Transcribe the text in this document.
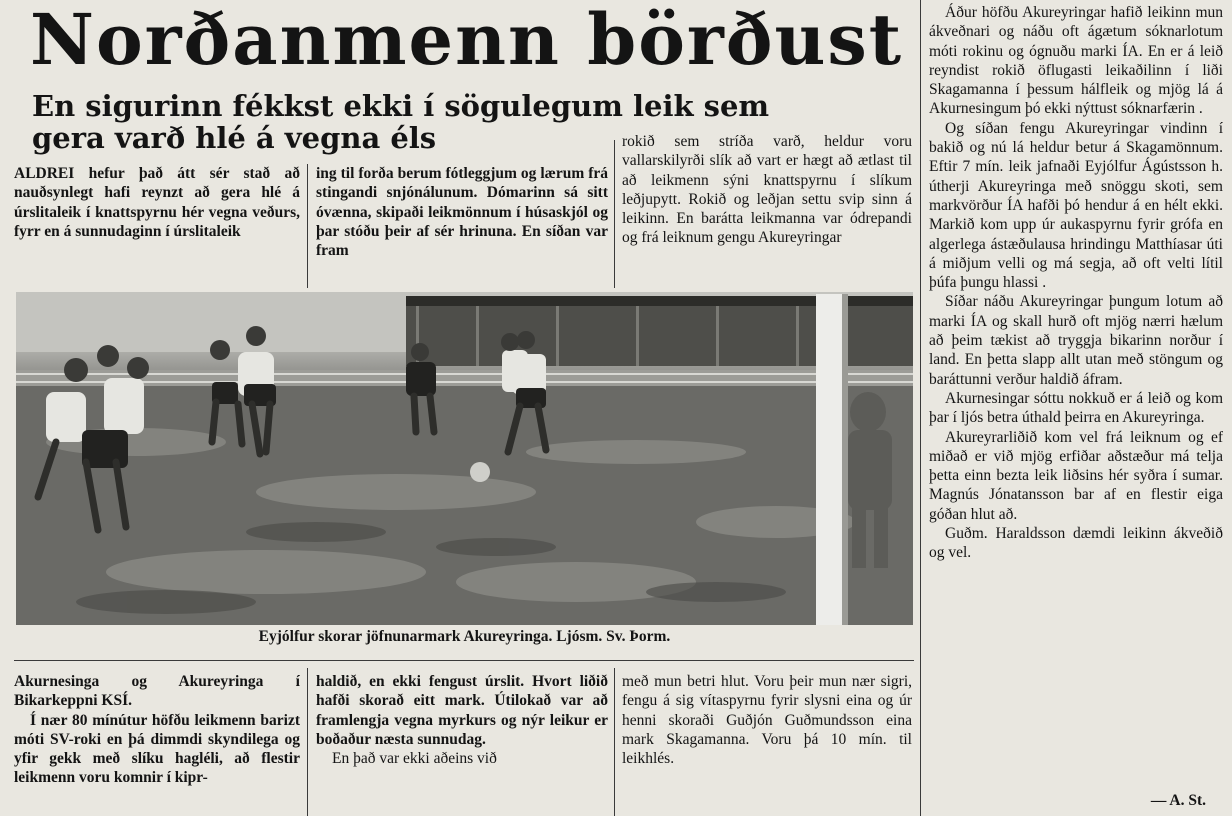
Norðanmenn börðust
En sigurinn fékkst ekki í sögulegum leik sem
gera varð hlé á vegna éls

ALDREI hefur það átt sér stað að nauðsynlegt hafi reynzt að gera hlé á úrslitaleik í knattspyrnu hér vegna veðurs, fyrr en á sunnudaginn í úrslitaleik

ing til forða berum fótleggjum og lærum frá stingandi snjónálunum. Dómarinn sá sitt óvænna, skipaði leikmönnum í húsaskjól og þar stóðu þeir af sér hrinuna. En síðan var fram

rokið sem stríða varð, heldur voru vallarskilyrði slík að vart er hægt að ætlast til að leikmenn sýni knattspyrnu í slíkum leðjupytt. Rokið og leðjan settu svip sinn á leikinn. En barátta leikmanna var ódrepandi og frá leiknum gengu Akureyringar

Eyjólfur skorar jöfnunarmark Akureyringa. Ljósm. Sv. Þorm.

Áður höfðu Akureyringar hafið leikinn mun ákveðnari og náðu oft ágætum sóknarlotum móti rokinu og ógnuðu marki ÍA. En er á leið reyndist rokið öflugasti leikaðilinn í liði Skagamanna í þessum hálfleik og mjög lá á Akurnesingum þó ekki nýttust sóknarfærin .

Og síðan fengu Akureyringar vindinn í bakið og nú lá heldur betur á Skagamönnum. Eftir 7 mín. leik jafnaði Eyjólfur Ágústsson h. útherji Akureyringa með snöggu skoti, sem markvörður ÍA hafði þó hendur á en hélt ekki. Markið kom upp úr aukaspyrnu fyrir grófa en algerlega ástæðulausa hrindingu Matthíasar úti á miðjum velli og má segja, að oft velti lítil þúfa þungu hlassi .

Síðar náðu Akureyringar þungum lotum að marki ÍA og skall hurð oft mjög nærri hælum að þeim tækist að tryggja bikarinn norður í land. En þetta slapp allt utan með stöngum og baráttunni verður haldið áfram.

Akurnesingar sóttu nokkuð er á leið og kom þar í ljós betra úthald þeirra en Akureyringa.

Akureyrarliðið kom vel frá leiknum og ef miðað er við mjög erfiðar aðstæður má telja þetta einn bezta leik liðsins hér syðra í sumar. Magnús Jónatansson bar af en flestir eiga góðan hlut að.

Guðm. Haraldsson dæmdi leikinn ákveðið og vel.

— A. St.

Akurnesinga og Akureyringa í Bikarkeppni KSÍ.

Í nær 80 mínútur höfðu leikmenn barizt móti SV-roki en þá dimmdi skyndilega og yfir gekk með slíku hagléli, að flestir leikmenn voru komnir í kipr-

haldið, en ekki fengust úrslit. Hvort liðið hafði skorað eitt mark. Útilokað var að framlengja vegna myrkurs og nýr leikur er boðaður næsta sunnudag.

En það var ekki aðeins við

með mun betri hlut. Voru þeir mun nær sigri, fengu á sig vítaspyrnu fyrir slysni eina og úr henni skoraði Guðjón Guðmundsson eina mark Skagamanna. Voru þá 10 mín. til leikhlés.
